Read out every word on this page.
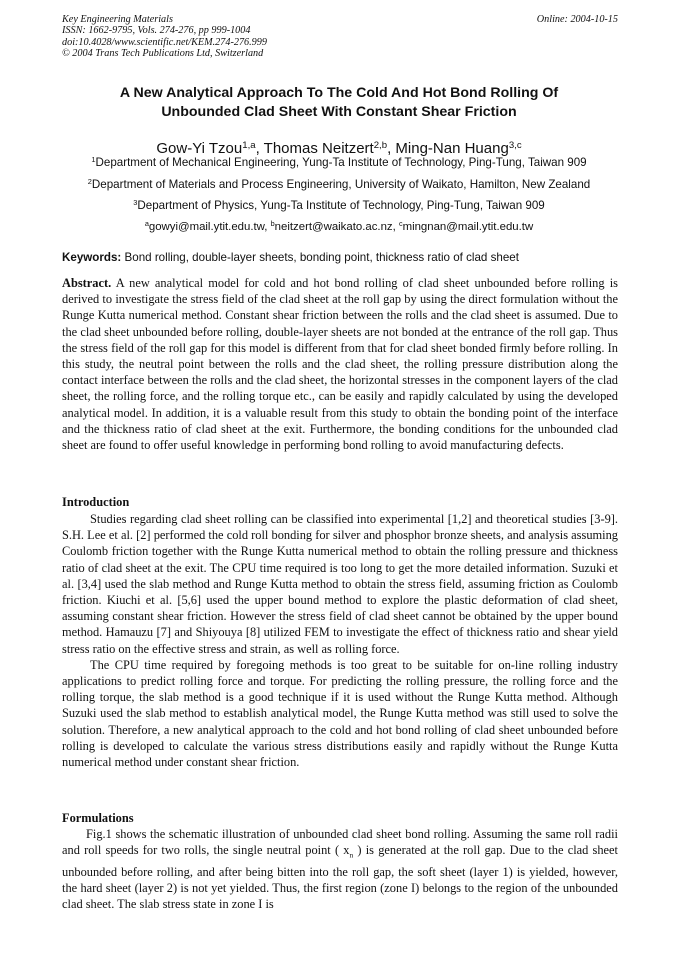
Key Engineering Materials
ISSN: 1662-9795, Vols. 274-276, pp 999-1004
doi:10.4028/www.scientific.net/KEM.274-276.999
© 2004 Trans Tech Publications Ltd, Switzerland
Online: 2004-10-15
A New Analytical Approach To The Cold And Hot Bond Rolling Of
Unbounded Clad Sheet With Constant Shear Friction
Gow-Yi Tzou$^{1,a}$, Thomas Neitzert$^{2,b}$, Ming-Nan Huang$^{3,c}$
$^1$Department of Mechanical Engineering, Yung-Ta Institute of Technology, Ping-Tung, Taiwan 909
$^2$Department of Materials and Process Engineering, University of Waikato, Hamilton, New Zealand
$^3$Department of Physics, Yung-Ta Institute of Technology, Ping-Tung, Taiwan 909
$^a$gowyi@mail.ytit.edu.tw, $^b$neitzert@waikato.ac.nz, $^c$mingnan@mail.ytit.edu.tw
Keywords: Bond rolling, double-layer sheets, bonding point, thickness ratio of clad sheet

Abstract. A new analytical model for cold and hot bond rolling of clad sheet unbounded before rolling is derived to investigate the stress field of the clad sheet at the roll gap by using the direct formulation without the Runge Kutta numerical method. Constant shear friction between the rolls and the clad sheet is assumed. Due to the clad sheet unbounded before rolling, double-layer sheets are not bonded at the entrance of the roll gap. Thus the stress field of the roll gap for this model is different from that for clad sheet bonded firmly before rolling. In this study, the neutral point between the rolls and the clad sheet, the rolling pressure distribution along the contact interface between the rolls and the clad sheet, the horizontal stresses in the component layers of the clad sheet, the rolling force, and the rolling torque etc., can be easily and rapidly calculated by using the developed analytical model. In addition, it is a valuable result from this study to obtain the bonding point of the interface and the thickness ratio of clad sheet at the exit. Furthermore, the bonding conditions for the unbounded clad sheet are found to offer useful knowledge in performing bond rolling to avoid manufacturing defects.

Introduction

Studies regarding clad sheet rolling can be classified into experimental [1,2] and theoretical studies [3-9]. S.H. Lee et al. [2] performed the cold roll bonding for silver and phosphor bronze sheets, and analysis assuming Coulomb friction together with the Runge Kutta numerical method to obtain the rolling pressure and thickness ratio of clad sheet at the exit. The CPU time required is too long to get the more detailed information. Suzuki et al. [3,4] used the slab method and Runge Kutta method to obtain the stress field, assuming friction as Coulomb friction. Kiuchi et al. [5,6] used the upper bound method to explore the plastic deformation of clad sheet, assuming constant shear friction. However the stress field of clad sheet cannot be obtained by the upper bound method. Hamauzu [7] and Shiyouya [8] utilized FEM to investigate the effect of thickness ratio and shear yield stress ratio on the effective stress and strain, as well as rolling force.

The CPU time required by foregoing methods is too great to be suitable for on-line rolling industry applications to predict rolling force and torque. For predicting the rolling pressure, the rolling force and the rolling torque, the slab method is a good technique if it is used without the Runge Kutta method. Although Suzuki used the slab method to establish analytical model, the Runge Kutta method was still used to solve the solution. Therefore, a new analytical approach to the cold and hot bond rolling of clad sheet unbounded before rolling is developed to calculate the various stress distributions easily and rapidly without the Runge Kutta numerical method under constant shear friction.

Formulations

Fig.1 shows the schematic illustration of unbounded clad sheet bond rolling. Assuming the same roll radii and roll speeds for two rolls, the single neutral point ( $x_n$ ) is generated at the roll gap. Due to the clad sheet unbounded before rolling, and after being bitten into the roll gap, the soft sheet (layer 1) is yielded, however, the hard sheet (layer 2) is not yet yielded. Thus, the first region (zone I) belongs to the region of the unbounded clad sheet. The slab stress state in zone I is
